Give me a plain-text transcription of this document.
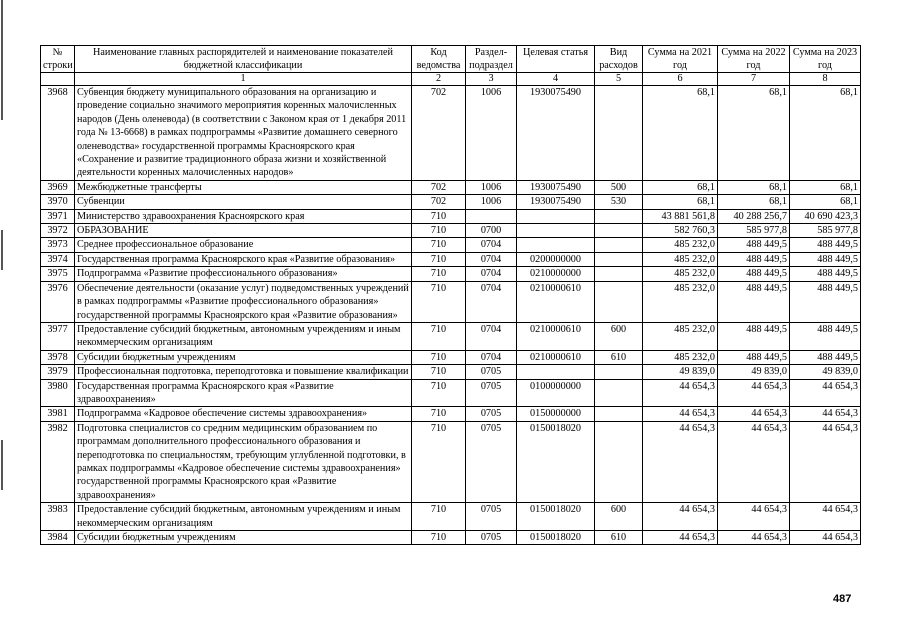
№ строки	Наименование главных распорядителей и наименование показателей бюджетной классификации	Код ведомства	Раздел-подраздел	Целевая статья	Вид расходов	Сумма на 2021 год	Сумма на 2022 год	Сумма на 2023 год
	1	2	3	4	5	6	7	8
3968	Субвенция бюджету муниципального образования на организацию и проведение социально значимого мероприятия коренных малочисленных народов (День оленевода) (в соответствии с Законом края от 1 декабря 2011 года № 13-6668) в рамках подпрограммы «Развитие домашнего северного оленеводства» государственной программы Красноярского края «Сохранение и развитие традиционного образа жизни и хозяйственной деятельности коренных малочисленных народов»	702	1006	1930075490		68,1	68,1	68,1
3969	Межбюджетные трансферты	702	1006	1930075490	500	68,1	68,1	68,1
3970	Субвенции	702	1006	1930075490	530	68,1	68,1	68,1
3971	Министерство здравоохранения Красноярского края	710				43 881 561,8	40 288 256,7	40 690 423,3
3972	ОБРАЗОВАНИЕ	710	0700			582 760,3	585 977,8	585 977,8
3973	Среднее профессиональное образование	710	0704			485 232,0	488 449,5	488 449,5
3974	Государственная программа Красноярского края «Развитие образования»	710	0704	0200000000		485 232,0	488 449,5	488 449,5
3975	Подпрограмма «Развитие профессионального образования»	710	0704	0210000000		485 232,0	488 449,5	488 449,5
3976	Обеспечение деятельности (оказание услуг) подведомственных учреждений в рамках подпрограммы «Развитие профессионального образования» государственной программы Красноярского края «Развитие образования»	710	0704	0210000610		485 232,0	488 449,5	488 449,5
3977	Предоставление субсидий бюджетным, автономным учреждениям и иным некоммерческим организациям	710	0704	0210000610	600	485 232,0	488 449,5	488 449,5
3978	Субсидии бюджетным учреждениям	710	0704	0210000610	610	485 232,0	488 449,5	488 449,5
3979	Профессиональная подготовка, переподготовка и повышение квалификации	710	0705			49 839,0	49 839,0	49 839,0
3980	Государственная программа Красноярского края «Развитие здравоохранения»	710	0705	0100000000		44 654,3	44 654,3	44 654,3
3981	Подпрограмма «Кадровое обеспечение системы здравоохранения»	710	0705	0150000000		44 654,3	44 654,3	44 654,3
3982	Подготовка специалистов со средним медицинским образованием по программам дополнительного профессионального образования и переподготовка по специальностям, требующим углубленной подготовки, в рамках подпрограммы «Кадровое обеспечение системы здравоохранения» государственной программы Красноярского края «Развитие здравоохранения»	710	0705	0150018020		44 654,3	44 654,3	44 654,3
3983	Предоставление субсидий бюджетным, автономным учреждениям и иным некоммерческим организациям	710	0705	0150018020	600	44 654,3	44 654,3	44 654,3
3984	Субсидии бюджетным учреждениям	710	0705	0150018020	610	44 654,3	44 654,3	44 654,3
487
